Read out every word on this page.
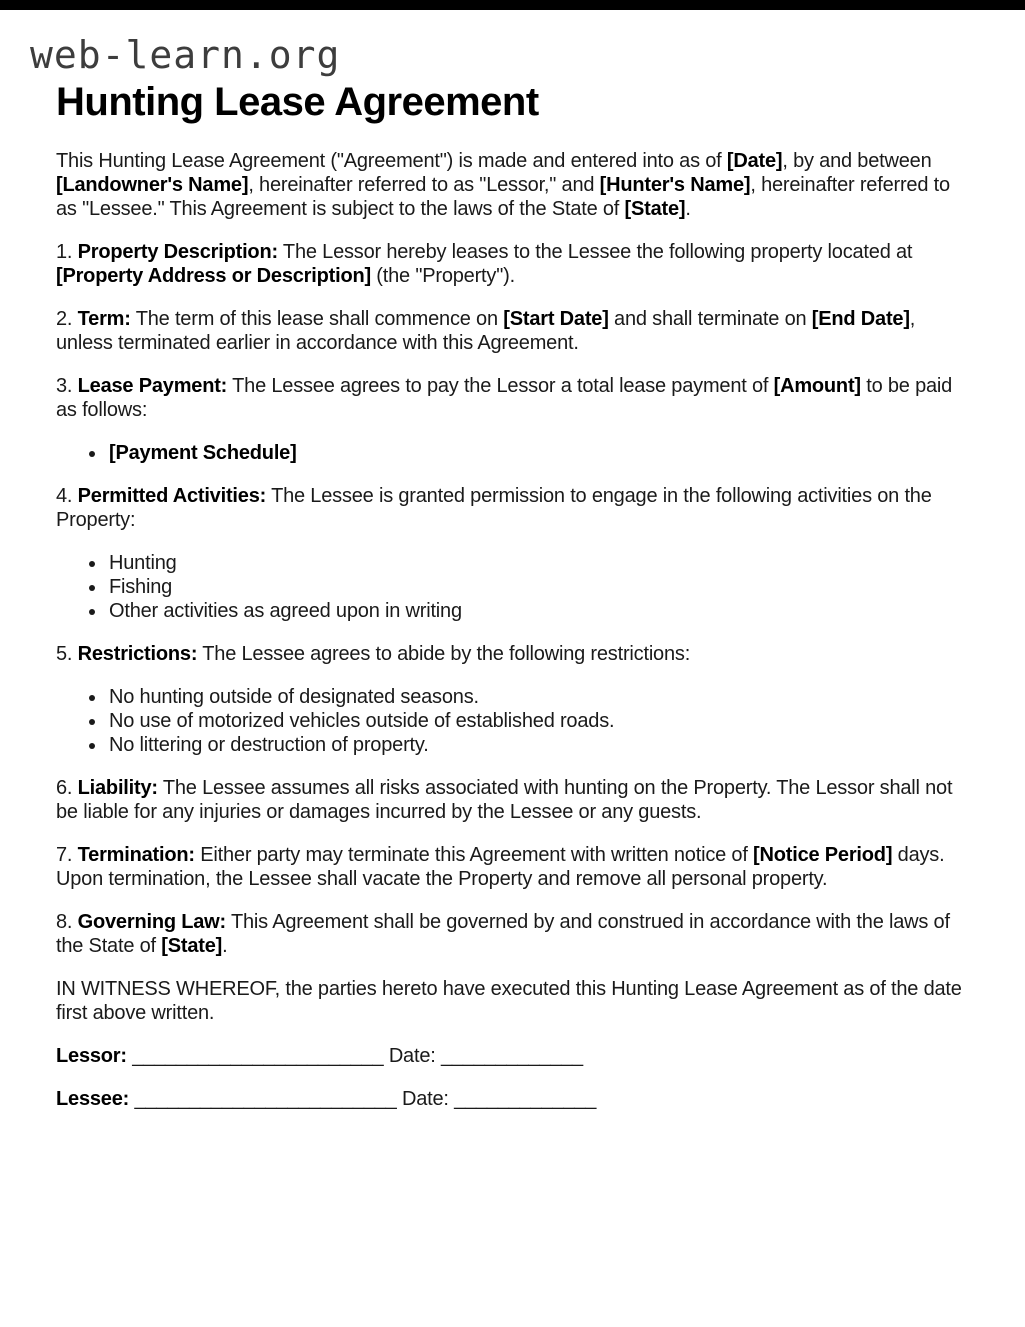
web-learn.org
Hunting Lease Agreement

This Hunting Lease Agreement ("Agreement") is made and entered into as of [Date], by and between [Landowner's Name], hereinafter referred to as "Lessor," and [Hunter's Name], hereinafter referred to as "Lessee." This Agreement is subject to the laws of the State of [State].

1. Property Description: The Lessor hereby leases to the Lessee the following property located at [Property Address or Description] (the "Property").

2. Term: The term of this lease shall commence on [Start Date] and shall terminate on [End Date], unless terminated earlier in accordance with this Agreement.

3. Lease Payment: The Lessee agrees to pay the Lessor a total lease payment of [Amount] to be paid as follows:

• [Payment Schedule]

4. Permitted Activities: The Lessee is granted permission to engage in the following activities on the Property:

• Hunting
• Fishing
• Other activities as agreed upon in writing

5. Restrictions: The Lessee agrees to abide by the following restrictions:

• No hunting outside of designated seasons.
• No use of motorized vehicles outside of established roads.
• No littering or destruction of property.

6. Liability: The Lessee assumes all risks associated with hunting on the Property. The Lessor shall not be liable for any injuries or damages incurred by the Lessee or any guests.

7. Termination: Either party may terminate this Agreement with written notice of [Notice Period] days. Upon termination, the Lessee shall vacate the Property and remove all personal property.

8. Governing Law: This Agreement shall be governed by and construed in accordance with the laws of the State of [State].

IN WITNESS WHEREOF, the parties hereto have executed this Hunting Lease Agreement as of the date first above written.

Lessor: _______________________ Date: _____________

Lessee: ________________________ Date: _____________
